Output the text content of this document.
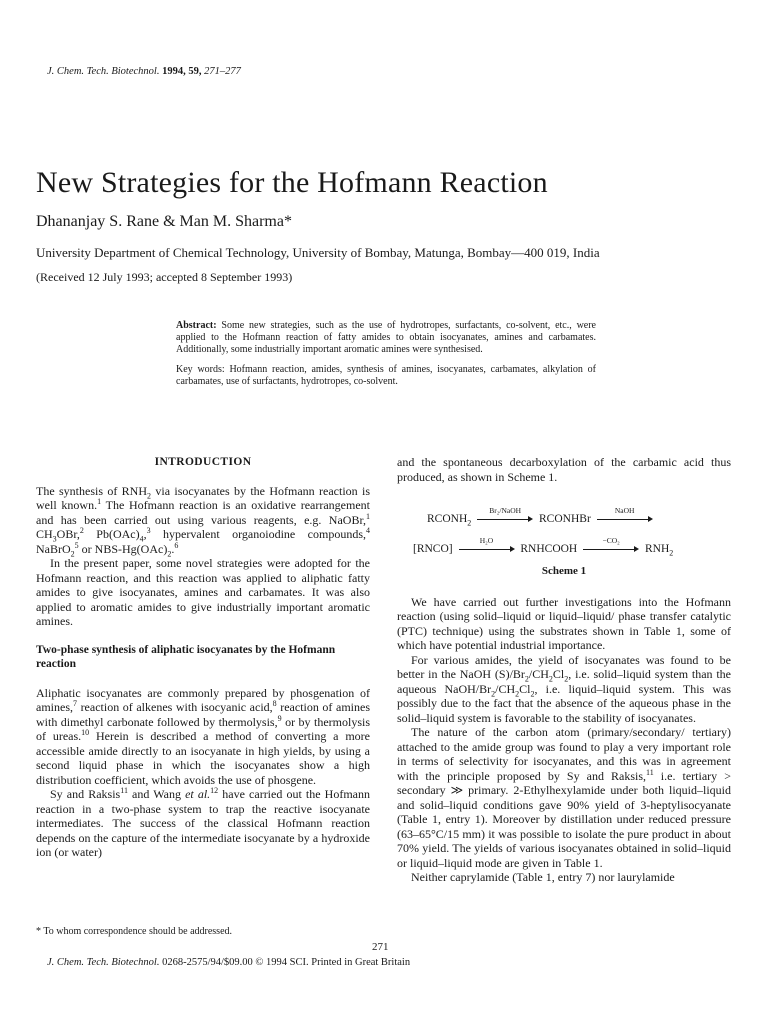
J. Chem. Tech. Biotechnol. 1994, 59, 271–277
New Strategies for the Hofmann Reaction
Dhananjay S. Rane & Man M. Sharma*
University Department of Chemical Technology, University of Bombay, Matunga, Bombay—400 019, India
(Received 12 July 1993; accepted 8 September 1993)

Abstract: Some new strategies, such as the use of hydrotropes, surfactants, co-solvent, etc., were applied to the Hofmann reaction of fatty amides to obtain isocyanates, amines and carbamates. Additionally, some industrially important aromatic amines were synthesised.

Key words: Hofmann reaction, amides, synthesis of amines, isocyanates, carbamates, alkylation of carbamates, use of surfactants, hydrotropes, co-solvent.

INTRODUCTION

The synthesis of $RNH_2$ via isocyanates by the Hofmann reaction is well known.$^1$ The Hofmann reaction is an oxidative rearrangement and has been carried out using various reagents, e.g. NaOBr,$^1$ $CH_3OBr,^2$ $Pb(OAc)_4,^3$ hypervalent organoiodine compounds,$^4$ NaBrO$_2^5$ or NBS-$Hg(OAc)_2.^6$

In the present paper, some novel strategies were adopted for the Hofmann reaction, and this reaction was applied to aliphatic fatty amides to give isocyanates, amines and carbamates. It was also applied to aromatic amides to give industrially important aromatic amines.

Two-phase synthesis of aliphatic isocyanates by the Hofmann reaction

Aliphatic isocyanates are commonly prepared by phosgenation of amines,$^7$ reaction of alkenes with isocyanic acid,$^8$ reaction of amines with dimethyl carbonate followed by thermolysis,$^9$ or by thermolysis of ureas.$^{10}$ Herein is described a method of converting a more accessible amide directly to an isocyanate in high yields, by using a second liquid phase in which the isocyanates show a high distribution coefficient, which avoids the use of phosgene.

Sy and Raksis$^{11}$ and Wang et al.$^{12}$ have carried out the Hofmann reaction in a two-phase system to trap the reactive isocyanate intermediates. The success of the classical Hofmann reaction depends on the capture of the intermediate isocyanate by a hydroxide ion (or water)

and the spontaneous decarboxylation of the carbamic acid thus produced, as shown in Scheme 1.

$RCONH_2$
Br₂/NaOH
RCONHBr
NaOH
[RNCO]
H₂O
RNHCOOH
−CO₂
$RNH_2$
Scheme 1

We have carried out further investigations into the Hofmann reaction (using solid–liquid or liquid–liquid/ phase transfer catalytic (PTC) technique) using the substrates shown in Table 1, some of which have potential industrial importance.

For various amides, the yield of isocyanates was found to be better in the NaOH $(S)/Br_2/CH_2Cl_2$, i.e. solid–liquid system than the aqueous NaOH/$Br_2/CH_2Cl_2$, i.e. liquid–liquid system. This was possibly due to the fact that the absence of the aqueous phase in the solid–liquid system is favorable to the stability of isocyanates.

The nature of the carbon atom (primary/secondary/ tertiary) attached to the amide group was found to play a very important role in terms of selectivity for isocyanates, and this was in agreement with the principle proposed by Sy and Raksis,$^{11}$ i.e. tertiary > secondary ≫ primary. 2-Ethylhexylamide under both liquid–liquid and solid–liquid conditions gave 90% yield of 3-heptylisocyanate (Table 1, entry 1). Moreover by distillation under reduced pressure (63–65°C/15 mm) it was possible to isolate the pure product in about 70% yield. The yields of various isocyanates obtained in solid–liquid or liquid–liquid mode are given in Table 1.

Neither caprylamide (Table 1, entry 7) nor laurylamide

* To whom correspondence should be addressed.
271
J. Chem. Tech. Biotechnol. 0268-2575/94/$09.00 © 1994 SCI. Printed in Great Britain
